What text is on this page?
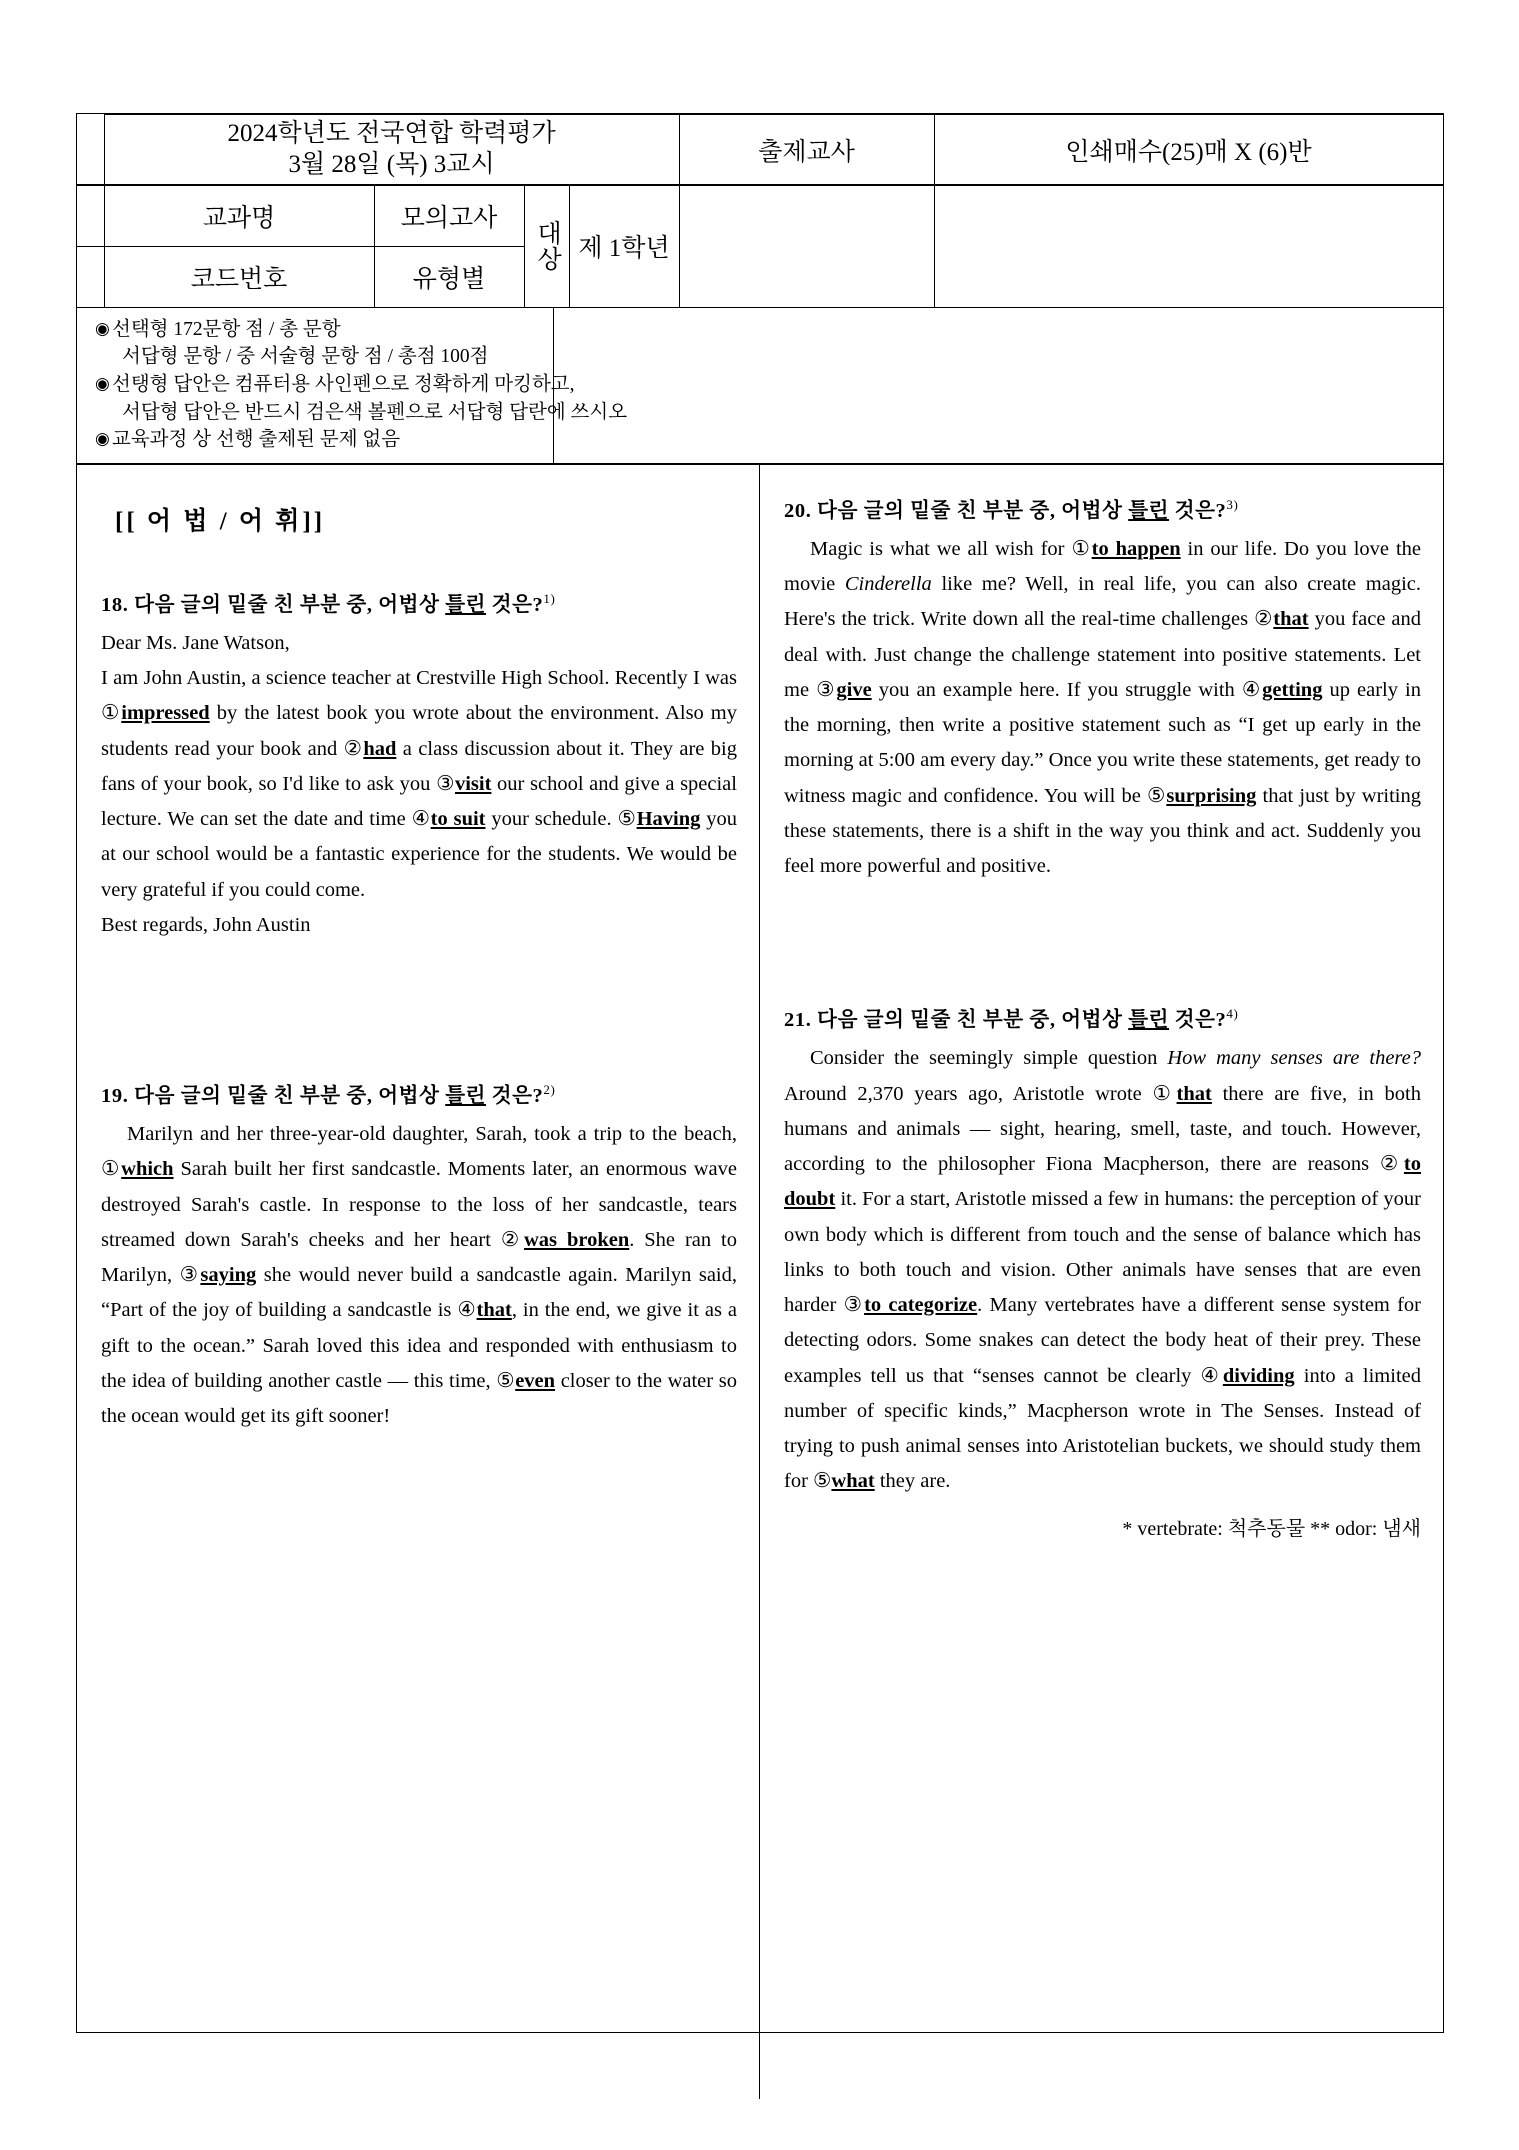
	2024학년도 전국연합 학력평가
3월 28일 (목) 3교시				출제교사	인쇄매수(25)매 X (6)반
	교과명	모의고사	대상	제 1학년		
	코드번호	유형별				
◉ 선택형 172문항 점 / 총 문항
서답형 문항 / 중 서술형 문항 점 / 총점 100점
◉ 선탱형 답안은 컴퓨터용 사인펜으로 정확하게 마킹하고,
서답형 답안은 반드시 검은색 볼펜으로 서답형 답란에 쓰시오
◉ 교육과정 상 선행 출제된 문제 없음
[[ 어 법 / 어 휘]]
18. 다음 글의 밑줄 친 부분 중, 어법상 틀린 것은?$^{1)}$
Dear Ms. Jane Watson,
I am John Austin, a science teacher at Crestville High School. Recently I was ①impressed by the latest book you wrote about the environment. Also my students read your book and ②had a class discussion about it. They are big fans of your book, so I'd like to ask you ③visit our school and give a special lecture. We can set the date and time ④to suit your schedule. ⑤Having you at our school would be a fantastic experience for the students. We would be very grateful if you could come.
Best regards, John Austin
19. 다음 글의 밑줄 친 부분 중, 어법상 틀린 것은?$^{2)}$
Marilyn and her three-year-old daughter, Sarah, took a trip to the beach, ①which Sarah built her first sandcastle. Moments later, an enormous wave destroyed Sarah's castle. In response to the loss of her sandcastle, tears streamed down Sarah's cheeks and her heart ②was broken. She ran to Marilyn, ③saying she would never build a sandcastle again. Marilyn said, “Part of the joy of building a sandcastle is ④that, in the end, we give it as a gift to the ocean.” Sarah loved this idea and responded with enthusiasm to the idea of building another castle — this time, ⑤even closer to the water so the ocean would get its gift sooner!
20. 다음 글의 밑줄 친 부분 중, 어법상 틀린 것은?$^{3)}$
Magic is what we all wish for ①to happen in our life. Do you love the movie Cinderella like me? Well, in real life, you can also create magic. Here's the trick. Write down all the real-time challenges ②that you face and deal with. Just change the challenge statement into positive statements. Let me ③give you an example here. If you struggle with ④getting up early in the morning, then write a positive statement such as “I get up early in the morning at 5:00 am every day.” Once you write these statements, get ready to witness magic and confidence. You will be ⑤surprising that just by writing these statements, there is a shift in the way you think and act. Suddenly you feel more powerful and positive.
21. 다음 글의 밑줄 친 부분 중, 어법상 틀린 것은?$^{4)}$
Consider the seemingly simple question How many senses are there? Around 2,370 years ago, Aristotle wrote ①that there are five, in both humans and animals — sight, hearing, smell, taste, and touch. However, according to the philosopher Fiona Macpherson, there are reasons ②to doubt it. For a start, Aristotle missed a few in humans: the perception of your own body which is different from touch and the sense of balance which has links to both touch and vision. Other animals have senses that are even harder ③to categorize. Many vertebrates have a different sense system for detecting odors. Some snakes can detect the body heat of their prey. These examples tell us that “senses cannot be clearly ④dividing into a limited number of specific kinds,” Macpherson wrote in The Senses. Instead of trying to push animal senses into Aristotelian buckets, we should study them for ⑤what they are.
* vertebrate: 척추동물 ** odor: 냄새
